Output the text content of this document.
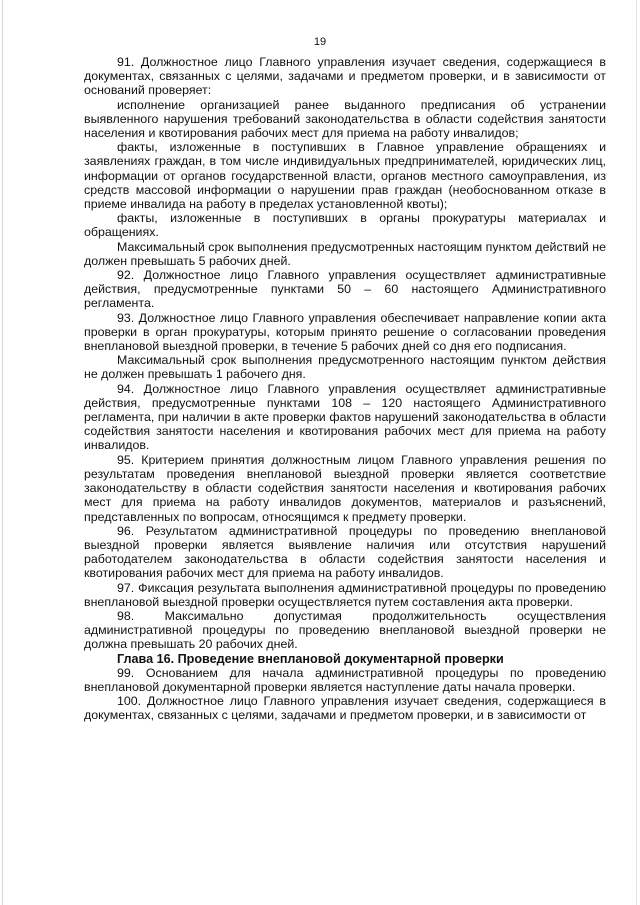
19

91. Должностное лицо Главного управления изучает сведения, содержащиеся в документах, связанных с целями, задачами и предметом проверки, и в зависимости от оснований проверяет:

исполнение организацией ранее выданного предписания об устранении выявленного нарушения требований законодательства в области содействия занятости населения и квотирования рабочих мест для приема на работу инвалидов;

факты, изложенные в поступивших в Главное управление обращениях и заявлениях граждан, в том числе индивидуальных предпринимателей, юридических лиц, информации от органов государственной власти, органов местного самоуправления, из средств массовой информации о нарушении прав граждан (необоснованном отказе в приеме инвалида на работу в пределах установленной квоты);

факты, изложенные в поступивших в органы прокуратуры материалах и обращениях.

Максимальный срок выполнения предусмотренных настоящим пунктом действий не должен превышать 5 рабочих дней.

92. Должностное лицо Главного управления осуществляет административные действия, предусмотренные пунктами 50 – 60 настоящего Административного регламента.

93. Должностное лицо Главного управления обеспечивает направление копии акта проверки в орган прокуратуры, которым принято решение о согласовании проведения внеплановой выездной проверки, в течение 5 рабочих дней со дня его подписания.

Максимальный срок выполнения предусмотренного настоящим пунктом действия не должен превышать 1 рабочего дня.

94. Должностное лицо Главного управления осуществляет административные действия, предусмотренные пунктами 108 – 120 настоящего Административного регламента, при наличии в акте проверки фактов нарушений законодательства в области содействия занятости населения и квотирования рабочих мест для приема на работу инвалидов.

95. Критерием принятия должностным лицом Главного управления решения по результатам проведения внеплановой выездной проверки является соответствие законодательству в области содействия занятости населения и квотирования рабочих мест для приема на работу инвалидов документов, материалов и разъяснений, представленных по вопросам, относящимся к предмету проверки.

96. Результатом административной процедуры по проведению внеплановой выездной проверки является выявление наличия или отсутствия нарушений работодателем законодательства в области содействия занятости населения и квотирования рабочих мест для приема на работу инвалидов.

97. Фиксация результата выполнения административной процедуры по проведению внеплановой выездной проверки осуществляется путем составления акта проверки.

98. Максимально допустимая продолжительность осуществления административной процедуры по проведению внеплановой выездной проверки не должна превышать 20 рабочих дней.

Глава 16. Проведение внеплановой документарной проверки

99. Основанием для начала административной процедуры по проведению внеплановой документарной проверки является наступление даты начала проверки.

100. Должностное лицо Главного управления изучает сведения, содержащиеся в документах, связанных с целями, задачами и предметом проверки, и в зависимости от
